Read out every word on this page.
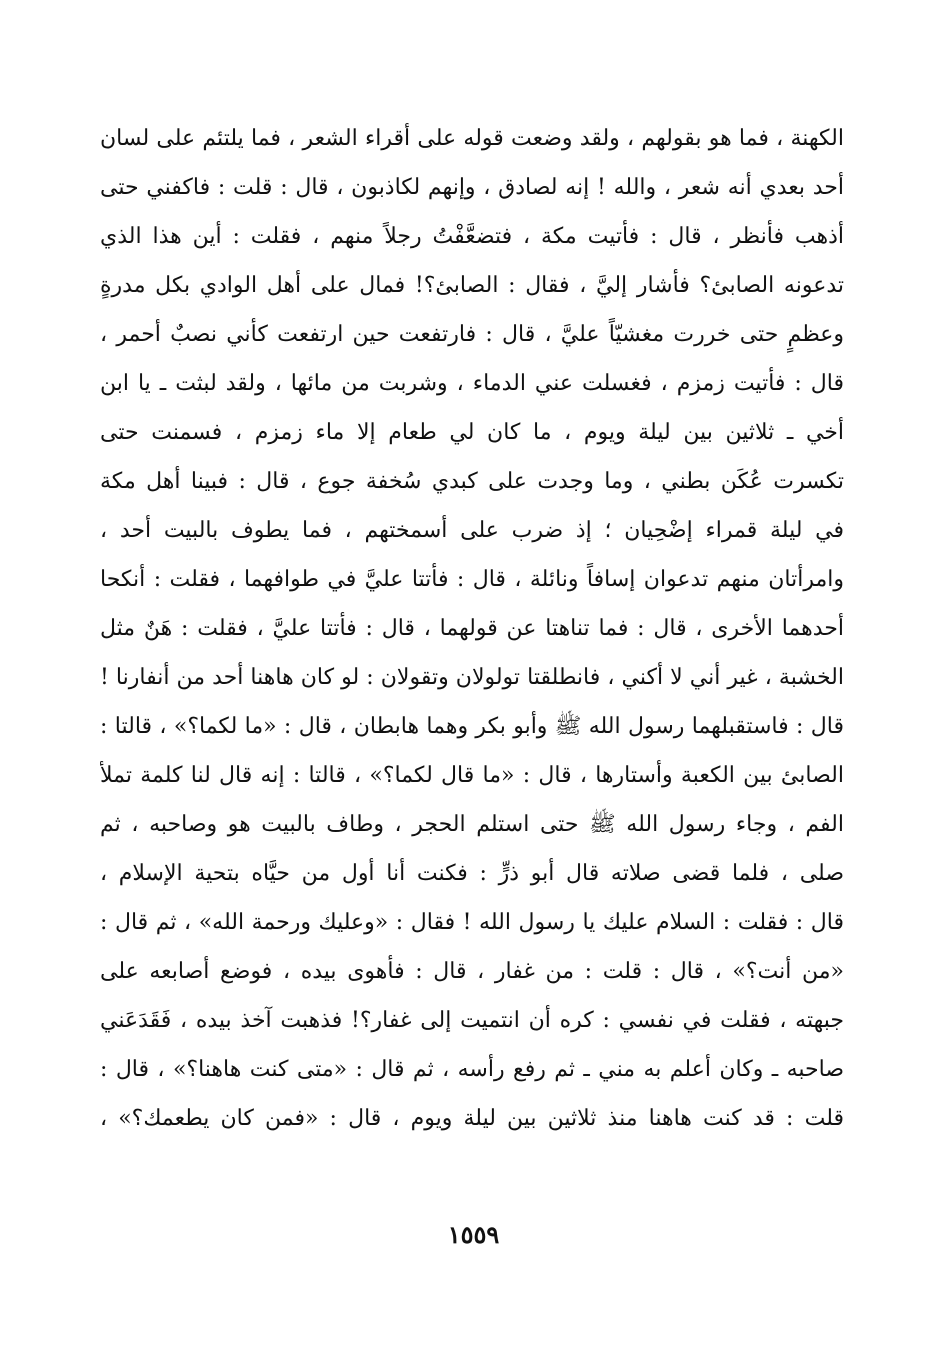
الكهنة ، فما هو بقولهم ، ولقد وضعت قوله على أقراء الشعر ، فما يلتئم على لسان
أحد بعدي أنه شعر ، والله ! إنه لصادق ، وإنهم لكاذبون ، قال : قلت : فاكفني حتى
أذهب فأنظر ، قال : فأتيت مكة ، فتضعَّفْتُ رجلاً منهم ، فقلت : أين هذا الذي
تدعونه الصابئ؟ فأشار إليَّ ، فقال : الصابئ؟! فمال على أهل الوادي بكل مدرةٍ
وعظمٍ حتى خررت مغشيّاً عليَّ ، قال : فارتفعت حين ارتفعت كأني نصبٌ أحمر ،
قال : فأتيت زمزم ، فغسلت عني الدماء ، وشربت من مائها ، ولقد لبثت ـ يا ابن
أخي ـ ثلاثين بين ليلة ويوم ، ما كان لي طعام إلا ماء زمزم ، فسمنت حتى
تكسرت عُكَن بطني ، وما وجدت على كبدي سُخفة جوع ، قال : فبينا أهل مكة
في ليلة قمراء إضْحِيان ؛ إذ ضرب على أسمختهم ، فما يطوف بالبيت أحد ،
وامرأتان منهم تدعوان إسافاً ونائلة ، قال : فأتتا عليَّ في طوافهما ، فقلت : أنكحا
أحدهما الأخرى ، قال : فما تناهتا عن قولهما ، قال : فأتتا عليَّ ، فقلت : هَنٌ مثل
الخشبة ، غير أني لا أكني ، فانطلقتا تولولان وتقولان : لو كان هاهنا أحد من أنفارنا !
قال : فاستقبلهما رسول الله ﷺ وأبو بكر وهما هابطان ، قال : «ما لكما؟» ، قالتا :
الصابئ بين الكعبة وأستارها ، قال : «ما قال لكما؟» ، قالتا : إنه قال لنا كلمة تملأ
الفم ، وجاء رسول الله ﷺ حتى استلم الحجر ، وطاف بالبيت هو وصاحبه ، ثم
صلى ، فلما قضى صلاته قال أبو ذرٍّ : فكنت أنا أول من حيَّاه بتحية الإسلام ،
قال : فقلت : السلام عليك يا رسول الله ! فقال : «وعليك ورحمة الله» ، ثم قال :
«من أنت؟» ، قال : قلت : من غفار ، قال : فأهوى بيده ، فوضع أصابعه على
جبهته ، فقلت في نفسي : كره أن انتميت إلى غفار؟! فذهبت آخذ بيده ، فَقَدَعَني
صاحبه ـ وكان أعلم به مني ـ ثم رفع رأسه ، ثم قال : «متى كنت هاهنا؟» ، قال :
قلت : قد كنت هاهنا منذ ثلاثين بين ليلة ويوم ، قال : «فمن كان يطعمك؟» ،
١٥٥٩
